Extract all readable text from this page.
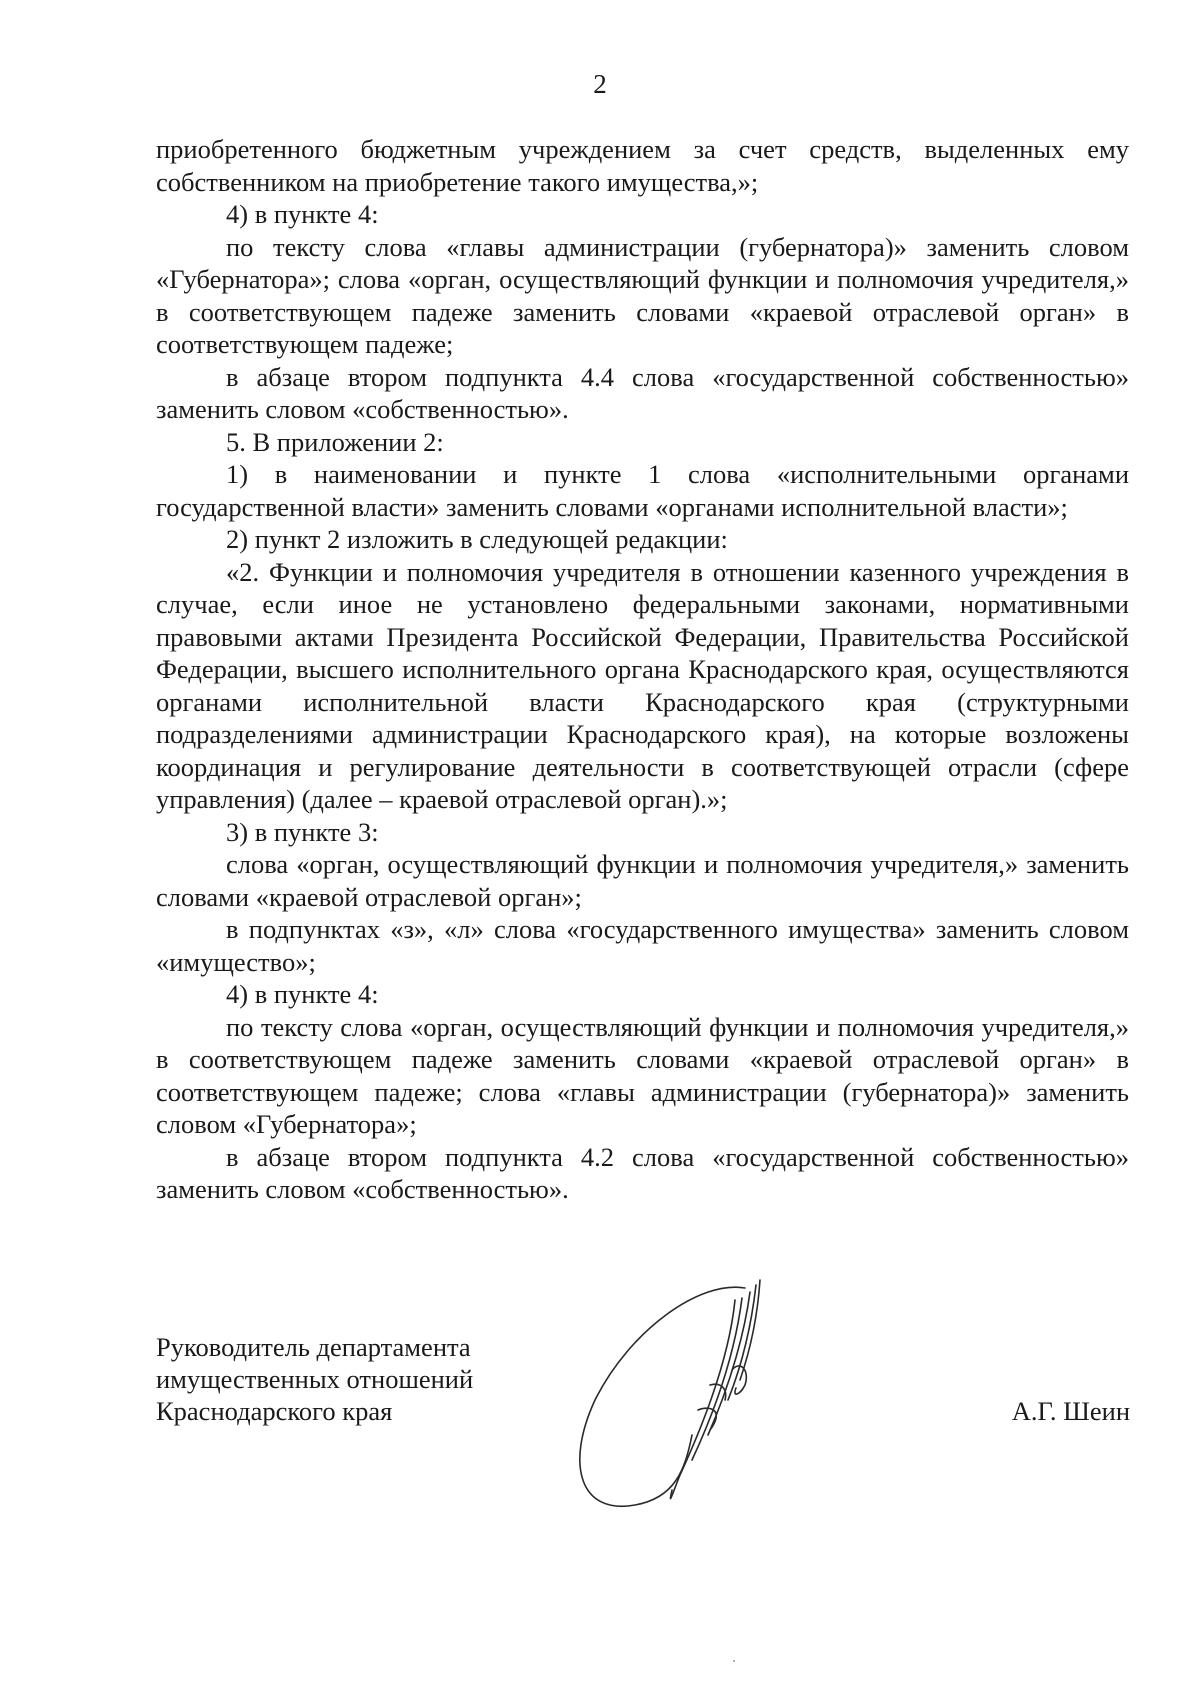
2

приобретенного бюджетным учреждением за счет средств, выделенных ему собственником на приобретение такого имущества,»;

4) в пункте 4:

по тексту слова «главы администрации (губернатора)» заменить словом «Губернатора»; слова «орган, осуществляющий функции и полномочия учредителя,» в соответствующем падеже заменить словами «краевой отраслевой орган» в соответствующем падеже;

в абзаце втором подпункта 4.4 слова «государственной собственностью» заменить словом «собственностью».

5. В приложении 2:

1) в наименовании и пункте 1 слова «исполнительными органами государственной власти» заменить словами «органами исполнительной власти»;

2) пункт 2 изложить в следующей редакции:

«2. Функции и полномочия учредителя в отношении казенного учреждения в случае, если иное не установлено федеральными законами, нормативными правовыми актами Президента Российской Федерации, Правительства Российской Федерации, высшего исполнительного органа Краснодарского края, осуществляются органами исполнительной власти Краснодарского края (структурными подразделениями администрации Краснодарского края), на которые возложены координация и регулирование деятельности в соответствующей отрасли (сфере управления) (далее – краевой отраслевой орган).»;

3) в пункте 3:

слова «орган, осуществляющий функции и полномочия учредителя,» заменить словами «краевой отраслевой орган»;

в подпунктах «з», «л» слова «государственного имущества» заменить словом «имущество»;

4) в пункте 4:

по тексту слова «орган, осуществляющий функции и полномочия учредителя,» в соответствующем падеже заменить словами «краевой отраслевой орган» в соответствующем падеже; слова «главы администрации (губернатора)» заменить словом «Губернатора»;

в абзаце втором подпункта 4.2 слова «государственной собственностью» заменить словом «собственностью».

Руководитель департамента
имущественных отношений
Краснодарского края	А.Г. Шеин
